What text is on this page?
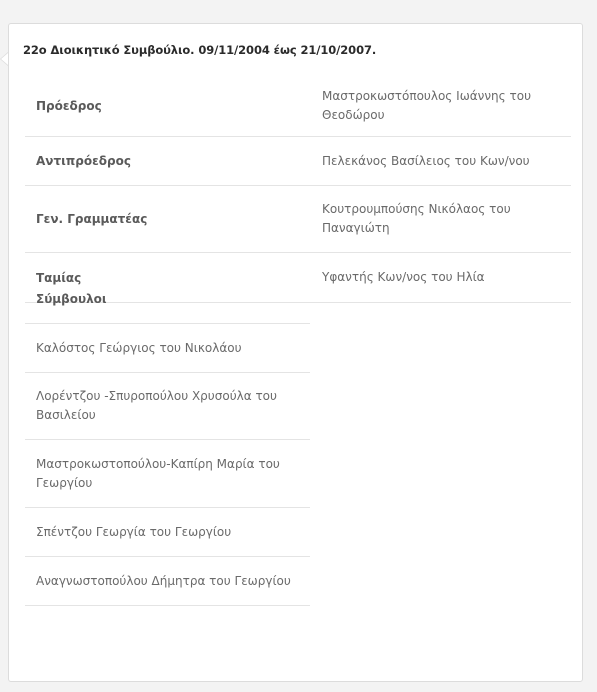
22ο Διοικητικό Συμβούλιο. 09/11/2004 έως 21/10/2007.
Πρόεδρος
Μαστροκωστόπουλος Ιωάννης του Θεοδώρου
Αντιπρόεδρος	Πελεκάνος Βασίλειος του Κων/νου
Γεν. Γραμματέας
Κουτρουμπούσης Νικόλαος του Παναγιώτη
Ταμίας	Υφαντής Κων/νος του Ηλία
Σύμβουλοι
Καλόστος Γεώργιος του Νικολάου
Λορέντζου -Σπυροπούλου Χρυσούλα του Βασιλείου
Μαστροκωστοπούλου-Καπίρη Μαρία του Γεωργίου
Σπέντζου Γεωργία του Γεωργίου
Αναγνωστοπούλου Δήμητρα του Γεωργίου
